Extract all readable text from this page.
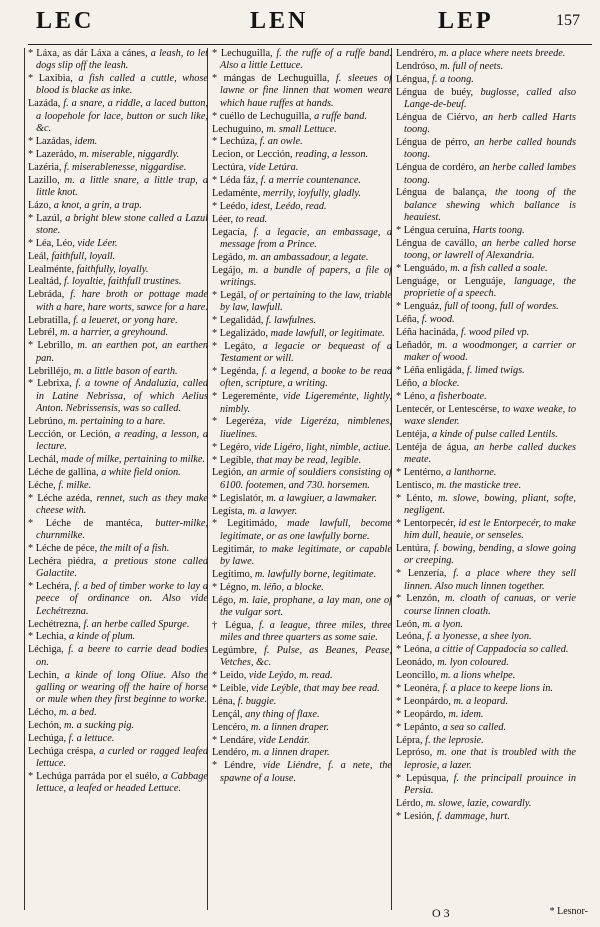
LEC	LEN	LEP	157
* Láxa, as dár Láxa a cánes, a leash, to let dogs slip off the leash.
* Laxibia, a fish called a cuttle, whose blood is blacke as inke.
Lazáda, f. a snare, a riddle, a laced button, a loopehole for lace, button or such like, &c.
* Lazádas, idem.
* Lazerádo, m. miserable, niggardly.
Lazéria, f. miserablenesse, niggardise.
Lazillo, m. a little snare, a little trap, a little knot.
Lázo, a knot, a grin, a trap.
* Lazúl, a bright blew stone called a Lazul stone.
* Léa, Léo, vide Léer.
Leál, faithfull, loyall.
Lealménte, faithfully, loyally.
Lealtád, f. loyaltie, faithfull trustines.
Lebráda, f. hare broth or pottage made with a hare, hare worts, sawce for a hare.
Lebratilla, f. a leueret, or yong hare.
Lebrél, m. a harrier, a greyhound.
* Lebrillo, m. an earthen pot, an earthen pan.
Lebrilléjo, m. a little bason of earth.
* Lebrixa, f. a towne of Andaluzia, called in Latine Nebrissa, of which Aelius Anton. Nebrissensis, was so called.
Lebrúno, m. pertaining to a hare.
Lección, or Leción, a reading, a lesson, a lecture.
Lechál, made of milke, pertaining to milke.
Léche de gallina, a white field onion.
Léche, f. milke.
* Léche azéda, rennet, such as they make cheese with.
* Léche de mantéca, butter-milke, churnmilke.
* Léche de péce, the milt of a fish.
Lechéra piédra, a pretious stone called Galactite.
* Lechéra, f. a bed of timber worke to lay a peece of ordinance on. Also vide Lechétrezna.
Lechétrezna, f. an herbe called Spurge.
* Lechia, a kinde of plum.
Léchiga, f. a beere to carrie dead bodies on.
Lechin, a kinde of long Oliue. Also the galling or wearing off the haire of horse or mule when they first beginne to worke.
Lécho, m. a bed.
Lechón, m. a sucking pig.
Lechúga, f. a lettuce.
Lechúga créspa, a curled or ragged leafed lettuce.
* Lechúga parráda por el suélo, a Cabbage lettuce, a leafed or headed Lettuce.
* Lechuguilla, f. the ruffe of a ruffe band. Also a little Lettuce.
* mángas de Lechuguilla, f. sleeues of lawne or fine linnen that women weare which haue ruffes at hands.
* cuéllo de Lechuguilla, a ruffe band.
Lechuguino, m. small Lettuce.
* Lechúza, f. an owle.
Lecion, or Lección, reading, a lesson.
Lectúra, vide Letúra.
* Léda fáz, f. a merrie countenance.
Ledaménte, merrily, ioyfully, gladly.
* Leédo, idest, Leédo, read.
Léer, to read.
Legacía, f. a legacie, an embassage, a message from a Prince.
Legádo, m. an ambassadour, a legate.
Legájo, m. a bundle of papers, a file of writings.
* Legál, of or pertaining to the law, triable by law, lawfull.
* Legalidád, f. lawfulnes.
* Legalizádo, made lawfull, or legitimate.
* Legáto, a legacie or bequeast of a Testament or will.
* Legénda, f. a legend, a booke to be read often, scripture, a writing.
* Legereménte, vide Ligereménte, lightly, nimbly.
* Legeréza, vide Ligeréza, nimblenes, liuelines.
* Legéro, vide Ligéro, light, nimble, actiue.
* Legíble, that may be read, legible.
Legión, an armie of souldiers consisting of 6100. footemen, and 730. horsemen.
* Legislatór, m. a lawgiuer, a lawmaker.
Legísta, m. a lawyer.
* Legitimádo, made lawfull, become legitimate, or as one lawfully borne.
Legitimár, to make legitimate, or capable by lawe.
Legítimo, m. lawfully borne, legitimate.
* Légno, m. léño, a blocke.
Légo, m. laie, prophane, a lay man, one of the vulgar sort.
† Légua, f. a league, three miles, three miles and three quarters as some saie.
Legúmbre, f. Pulse, as Beanes, Pease, Vetches, &c.
* Leido, vide Leýdo, m. read.
* Leíble, vide Leýble, that may bee read.
Léna, f. buggie.
Lençál, any thing of flaxe.
Lencéro, m. a linnen draper.
* Lendáre, vide Lendár.
Lendéro, m. a linnen draper.
* Léndre, vide Liéndre, f. a nete, the spawne of a louse.
Lendréro, m. a place where neets breede.
Lendróso, m. full of neets.
Léngua, f. a toong.
Léngua de buéy, buglosse, called also Lange-de-beuf.
Léngua de Ciérvo, an herb called Harts toong.
Léngua de pérro, an herbe called hounds toong.
Léngua de cordéro, an herbe called lambes toong.
Léngua de balança, the toong of the balance shewing which ballance is heauiest.
* Léngua ceruína, Harts toong.
Léngua de cavállo, an herbe called horse toong, or lawrell of Alexandria.
* Lenguádo, m. a fish called a soale.
Lenguáge, or Lenguáje, language, the proprietie of a speech.
* Lenguáz, full of toong, full of wordes.
Léña, f. wood.
Léña hacináda, f. wood piled vp.
Leñadór, m. a woodmonger, a carrier or maker of wood.
* Léña enligáda, f. limed twigs.
Léño, a blocke.
* Léno, a fisherboate.
Lentecér, or Lentescérse, to waxe weake, to waxe slender.
Lentéja, a kinde of pulse called Lentils.
Lentéja de água, an herbe called duckes meate.
* Lentérno, a lanthorne.
Lentisco, m. the masticke tree.
* Lénto, m. slowe, bowing, pliant, softe, negligent.
* Lentorpecér, id est le Entorpecér, to make him dull, heauie, or senseles.
Lentúra, f. bowing, bending, a slowe going or creeping.
* Lenzería, f. a place where they sell linnen. Also much linnen together.
* Lenzón, m. cloath of canuas, or verie course linnen cloath.
León, m. a lyon.
Leóna, f. a lyonesse, a shee lyon.
* Leóna, a cittie of Cappadocia so called.
Leonádo, m. lyon coloured.
Leoncillo, m. a lions whelpe.
* Leonéra, f. a place to keepe lions in.
* Leonpárdo, m. a leopard.
* Leopárdo, m. idem.
* Lepánto, a sea so called.
Lépra, f. the leprosie.
Lepróso, m. one that is troubled with the leprosie, a lazer.
* Lepúsqua, f. the principall prouince in Persia.
Lérdo, m. slowe, lazie, cowardly.
* Lesión, f. dammage, hurt.
O 3	* Lesnor-
